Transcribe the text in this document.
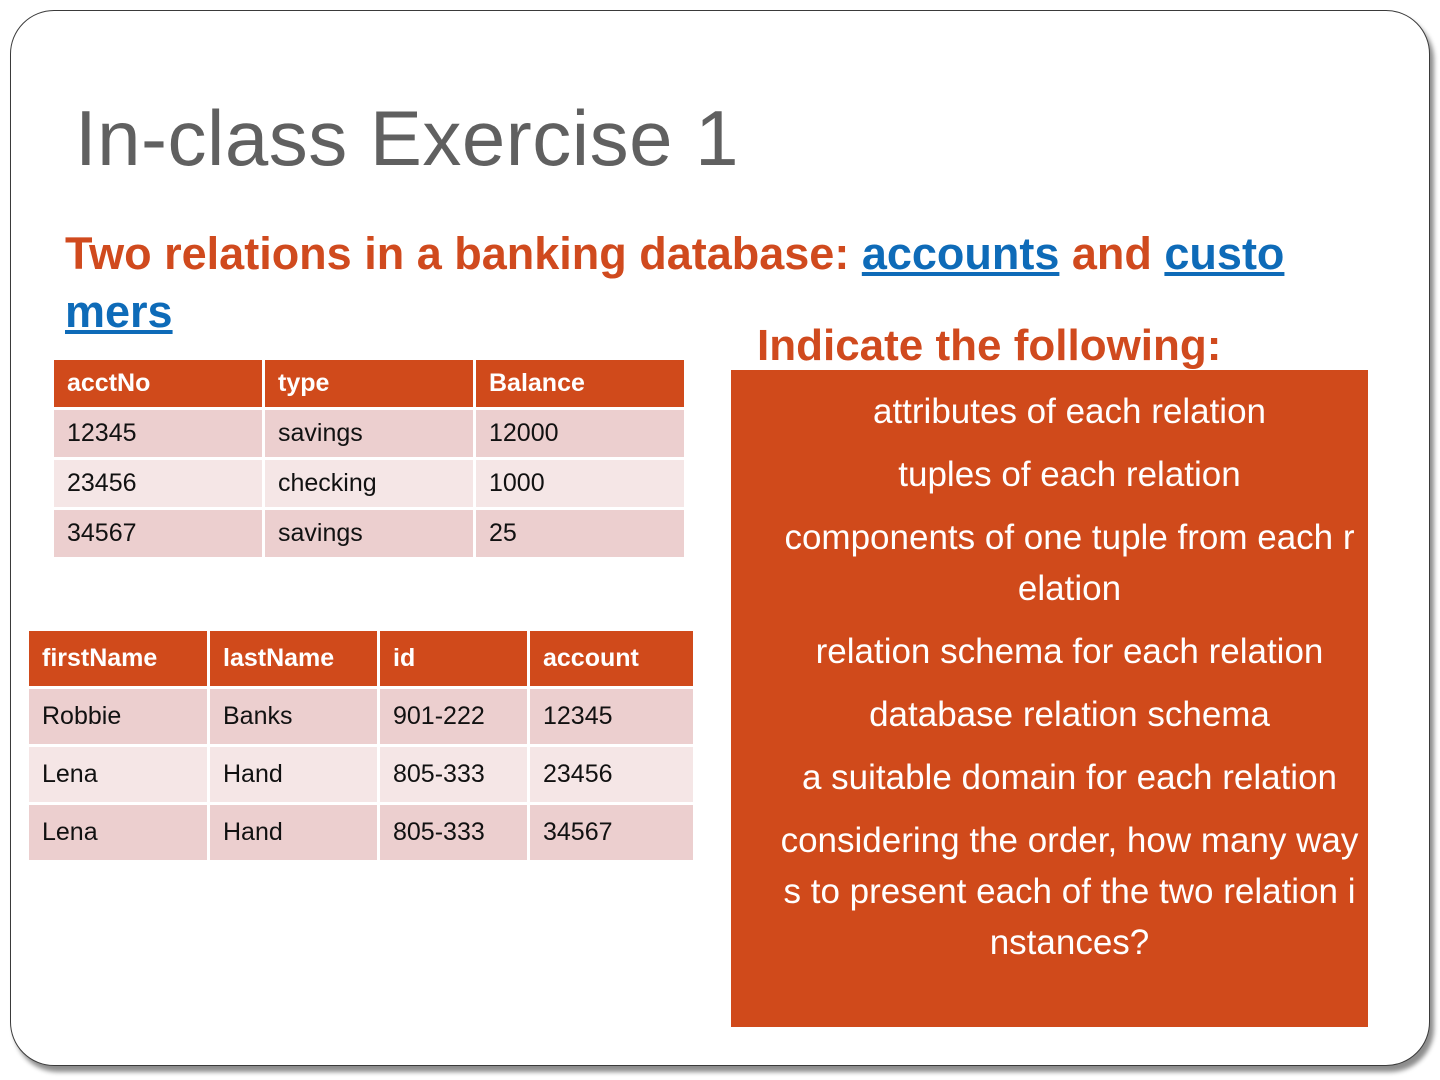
In-class Exercise 1
Two relations in a banking database: accounts and customers
Indicate the following:
acctNo	type	Balance
12345	savings	12000
23456	checking	1000
34567	savings	25
firstName	lastName	id	account
Robbie	Banks	901-222	12345
Lena	Hand	805-333	23456
Lena	Hand	805-333	34567
attributes of each relation
tuples of each relation
components of one tuple from each relation
relation schema for each relation
database relation schema
a suitable domain for each relation
considering the order, how many ways to present each of the two relation instances?
